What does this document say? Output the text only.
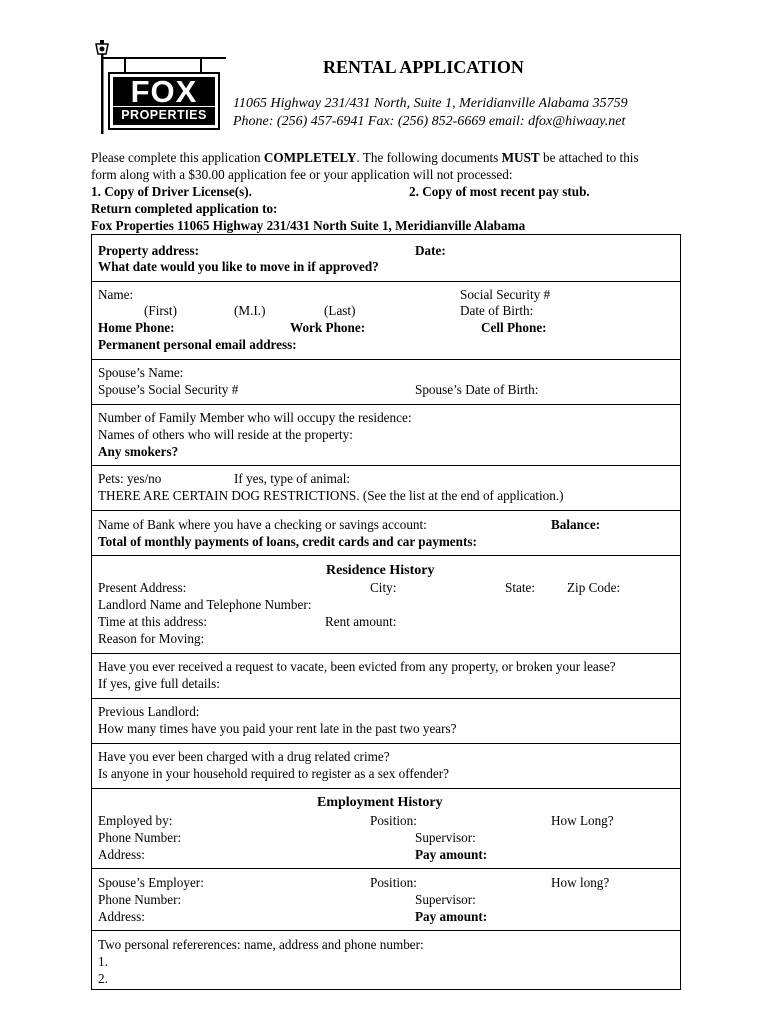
FOX
PROPERTIES
RENTAL APPLICATION
11065 Highway 231/431 North, Suite 1, Meridianville Alabama 35759
Phone: (256) 457-6941 Fax: (256) 852-6669 email: dfox@hiwaay.net
Please complete this application COMPLETELY. The following documents MUST be attached to this
form along with a $30.00 application fee or your application will not processed:
1. Copy of Driver License(s).	2. Copy of most recent pay stub.
Return completed application to:
Fox Properties 11065 Highway 231/431 North Suite 1, Meridianville Alabama
Property address:	Date:
What date would you like to move in if approved?
Name:	Social Security #
(First)	(M.I.)	(Last)	Date of Birth:
Home Phone:	Work Phone:	Cell Phone:
Permanent personal email address:
Spouse’s Name:
Spouse’s Social Security #	Spouse’s Date of Birth:
Number of Family Member who will occupy the residence:
Names of others who will reside at the property:
Any smokers?
Pets: yes/no	If yes, type of animal:
THERE ARE CERTAIN DOG RESTRICTIONS. (See the list at the end of application.)
Name of Bank where you have a checking or savings account:	Balance:
Total of monthly payments of loans, credit cards and car payments:
Residence History
Present Address:	City:	State: Zip Code:
Landlord Name and Telephone Number:
Time at this address:	Rent amount:
Reason for Moving:
Have you ever received a request to vacate, been evicted from any property, or broken your lease?
If yes, give full details:
Previous Landlord:
How many times have you paid your rent late in the past two years?
Have you ever been charged with a drug related crime?
Is anyone in your household required to register as a sex offender?
Employment History
Employed by:	Position:	How Long?
Phone Number:	Supervisor:
Address:	Pay amount:
Spouse’s Employer:	Position:	How long?
Phone Number:	Supervisor:
Address:	Pay amount:
Two personal refererences: name, address and phone number:
1.
2.
